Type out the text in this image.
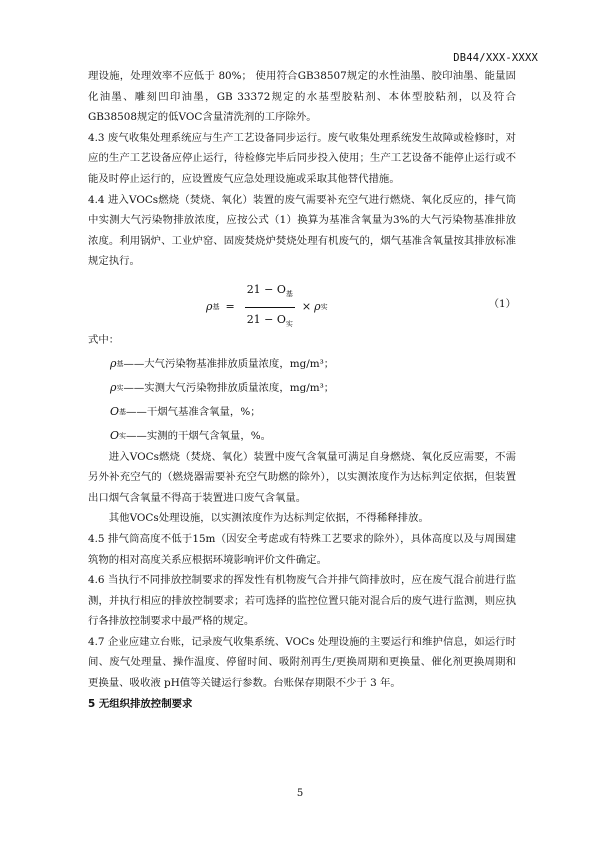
DB44/XXX-XXXX

理设施，处理效率不应低于 80%； 使用符合GB38507规定的水性油墨、胶印油墨、能量固化油墨、雕刻凹印油墨，GB 33372规定的水基型胶粘剂、本体型胶粘剂，以及符合GB38508规定的低VOC含量清洗剂的工序除外。

4.3 废气收集处理系统应与生产工艺设备同步运行。废气收集处理系统发生故障或检修时，对应的生产工艺设备应停止运行，待检修完毕后同步投入使用；生产工艺设备不能停止运行或不能及时停止运行的，应设置废气应急处理设施或采取其他替代措施。

4.4 进入VOCs燃烧（焚烧、氧化）装置的废气需要补充空气进行燃烧、氧化反应的，排气筒中实测大气污染物排放浓度，应按公式（1）换算为基准含氧量为3%的大气污染物基准排放浓度。利用锅炉、工业炉窑、固废焚烧炉焚烧处理有机废气的，烟气基准含氧量按其排放标准规定执行。

ρ 基 = $\frac{21 - O_基}{21 - O_实} \times \rho$ 实	（1）

式中：

ρ 基 ——大气污染物基准排放质量浓度，mg/m³；
ρ 实 ——实测大气污染物排放质量浓度，mg/m³；
O 基 ——干烟气基准含氧量，%；
O 实 ——实测的干烟气含氧量，%。

进入VOCs燃烧（焚烧、氧化）装置中废气含氧量可满足自身燃烧、氧化反应需要，不需另外补充空气的（燃烧器需要补充空气助燃的除外），以实测浓度作为达标判定依据，但装置出口烟气含氧量不得高于装置进口废气含氧量。

其他VOCs处理设施，以实测浓度作为达标判定依据，不得稀释排放。

4.5 排气筒高度不低于15m（因安全考虑或有特殊工艺要求的除外），具体高度以及与周围建筑物的相对高度关系应根据环境影响评价文件确定。

4.6 当执行不同排放控制要求的挥发性有机物废气合并排气筒排放时，应在废气混合前进行监测，并执行相应的排放控制要求；若可选择的监控位置只能对混合后的废气进行监测，则应执行各排放控制要求中最严格的规定。

4.7 企业应建立台账，记录废气收集系统、VOCs 处理设施的主要运行和维护信息，如运行时间、废气处理量、操作温度、停留时间、吸附剂再生/更换周期和更换量、催化剂更换周期和更换量、吸收液 pH值等关键运行参数。台账保存期限不少于 3 年。

5 无组织排放控制要求

5
